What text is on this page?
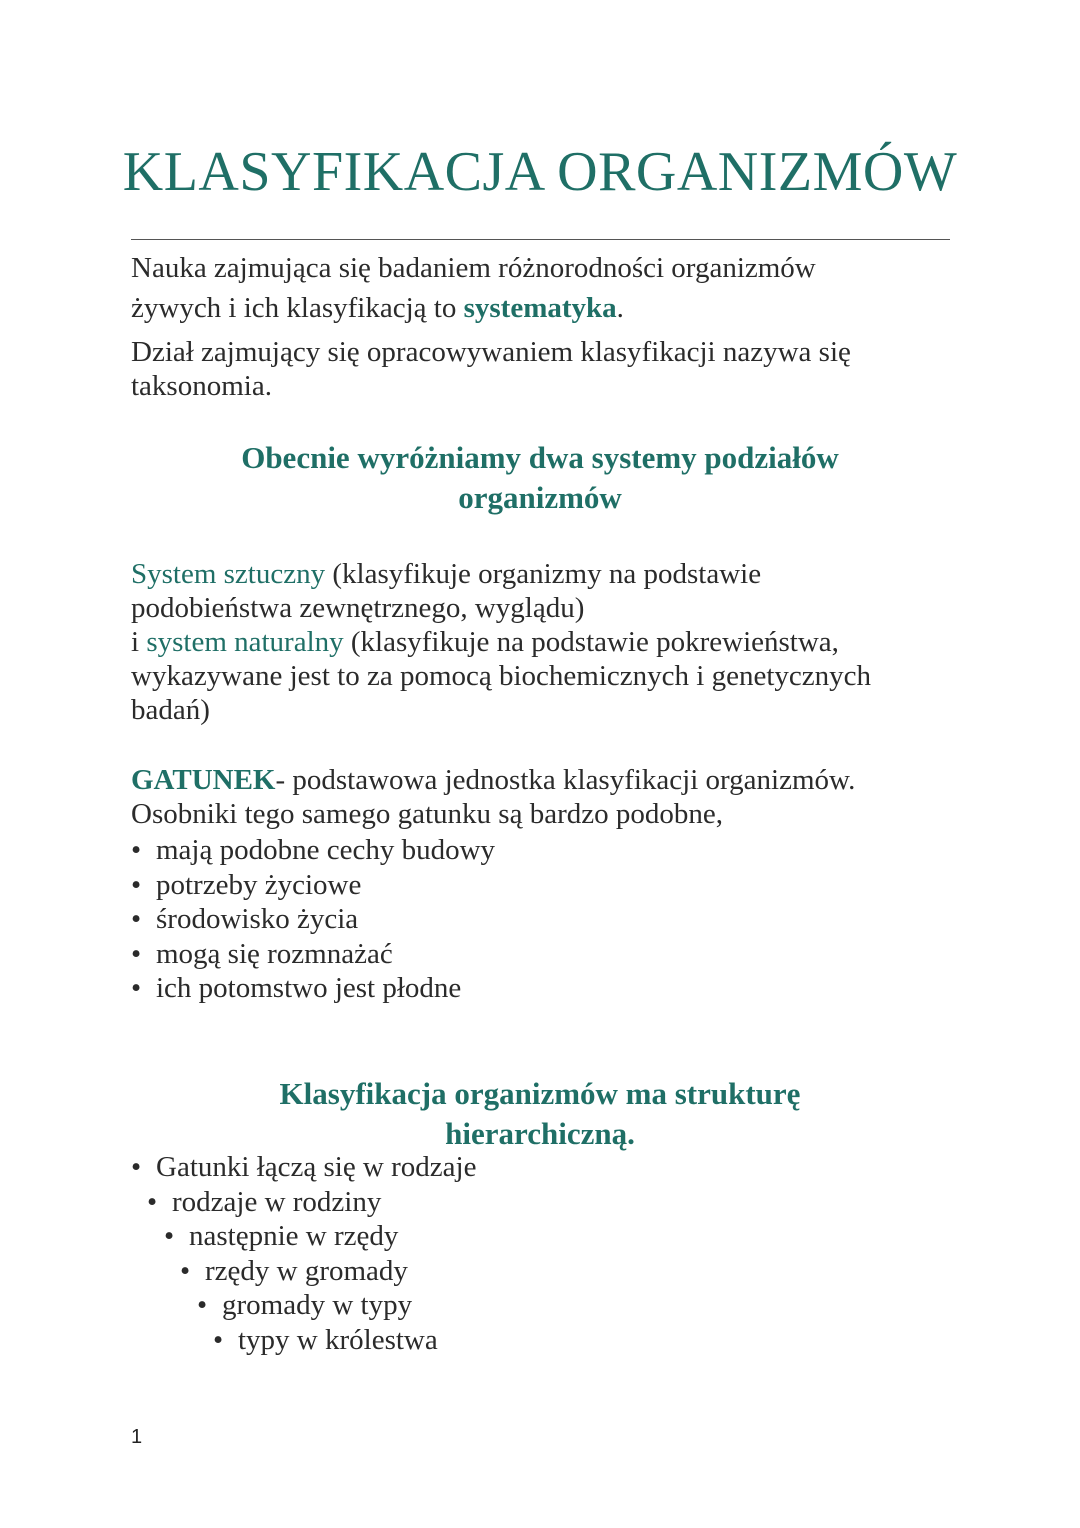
KLASYFIKACJA ORGANIZMÓW
Nauka zajmująca się badaniem różnorodności organizmów
żywych i ich klasyfikacją to systematyka.
Dział zajmujący się opracowywaniem klasyfikacji nazywa się
taksonomia.
Obecnie wyróżniamy dwa systemy podziałów
organizmów
System sztuczny (klasyfikuje organizmy na podstawie
podobieństwa zewnętrznego, wyglądu)
i system naturalny (klasyfikuje na podstawie pokrewieństwa,
wykazywane jest to za pomocą biochemicznych i genetycznych
badań)
GATUNEK- podstawowa jednostka klasyfikacji organizmów.
Osobniki tego samego gatunku są bardzo podobne,
• mają podobne cechy budowy
• potrzeby życiowe
• środowisko życia
• mogą się rozmnażać
• ich potomstwo jest płodne
Klasyfikacja organizmów ma strukturę
hierarchiczną.
• Gatunki łączą się w rodzaje
• rodzaje w rodziny
• następnie w rzędy
• rzędy w gromady
• gromady w typy
• typy w królestwa
1
